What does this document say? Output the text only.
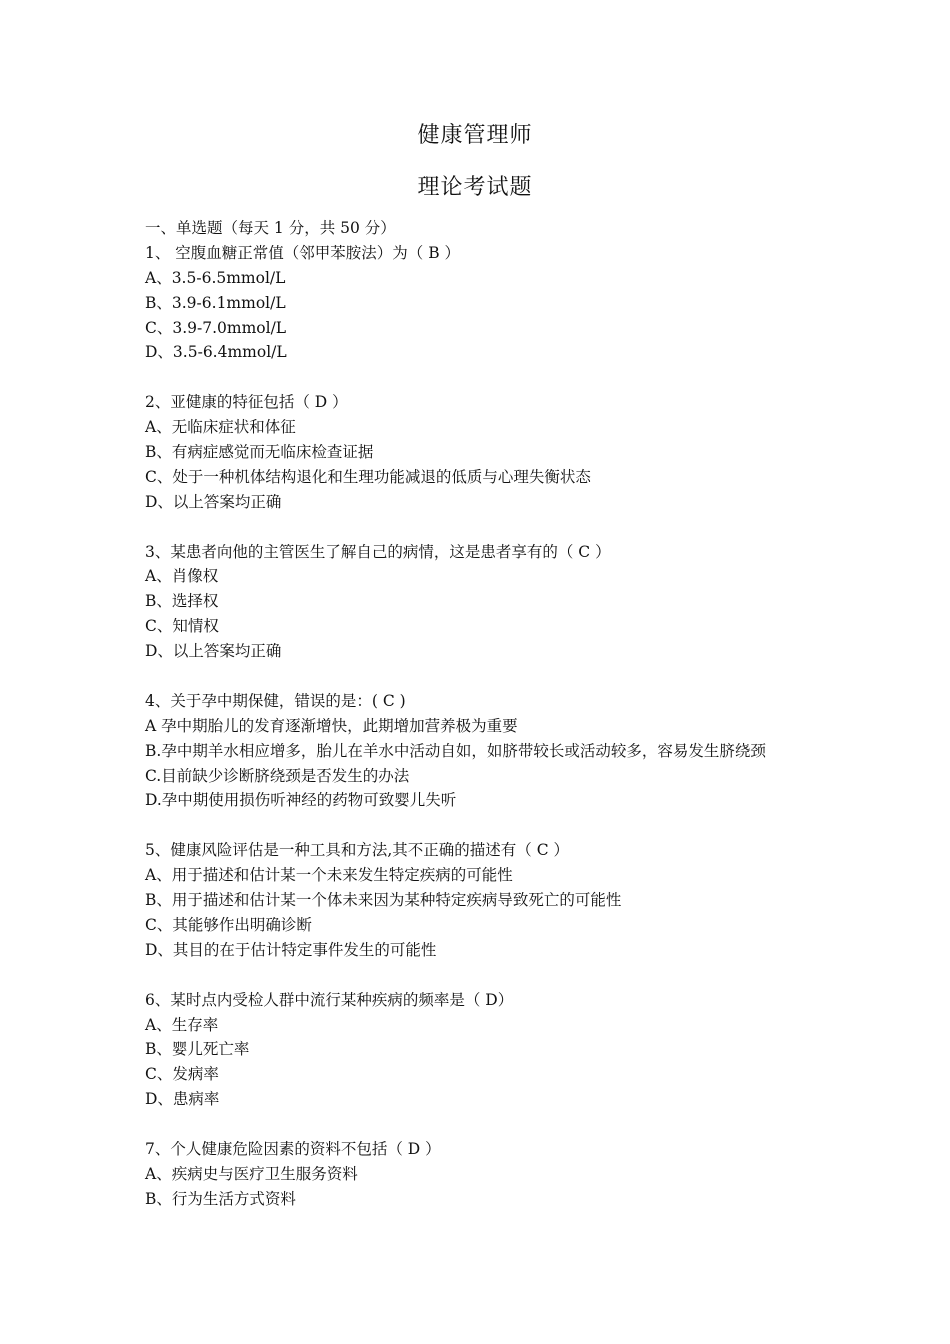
健康管理师
理论考试题
一、单选题（每天 1 分，共 50 分）
1、 空腹血糖正常值（邻甲苯胺法）为（ B ）
A、3.5-6.5mmol/L
B、3.9-6.1mmol/L
C、3.9-7.0mmol/L
D、3.5-6.4mmol/L
2、亚健康的特征包括（ D ）
A、无临床症状和体征
B、有病症感觉而无临床检查证据
C、处于一种机体结构退化和生理功能减退的低质与心理失衡状态
D、以上答案均正确
3、某患者向他的主管医生了解自己的病情，这是患者享有的（ C ）
A、肖像权
B、选择权
C、知情权
D、以上答案均正确
4、关于孕中期保健，错误的是：( C )
A 孕中期胎儿的发育逐渐增快，此期增加营养极为重要
B.孕中期羊水相应增多，胎儿在羊水中活动自如，如脐带较长或活动较多，容易发生脐绕颈
C.目前缺少诊断脐绕颈是否发生的办法
D.孕中期使用损伤听神经的药物可致婴儿失听
5、健康风险评估是一种工具和方法,其不正确的描述有（ C ）
A、用于描述和估计某一个未来发生特定疾病的可能性
B、用于描述和估计某一个体未来因为某种特定疾病导致死亡的可能性
C、其能够作出明确诊断
D、其目的在于估计特定事件发生的可能性
6、某时点内受检人群中流行某种疾病的频率是（ D）
A、生存率
B、婴儿死亡率
C、发病率
D、患病率
7、个人健康危险因素的资料不包括（ D ）
A、疾病史与医疗卫生服务资料
B、行为生活方式资料
